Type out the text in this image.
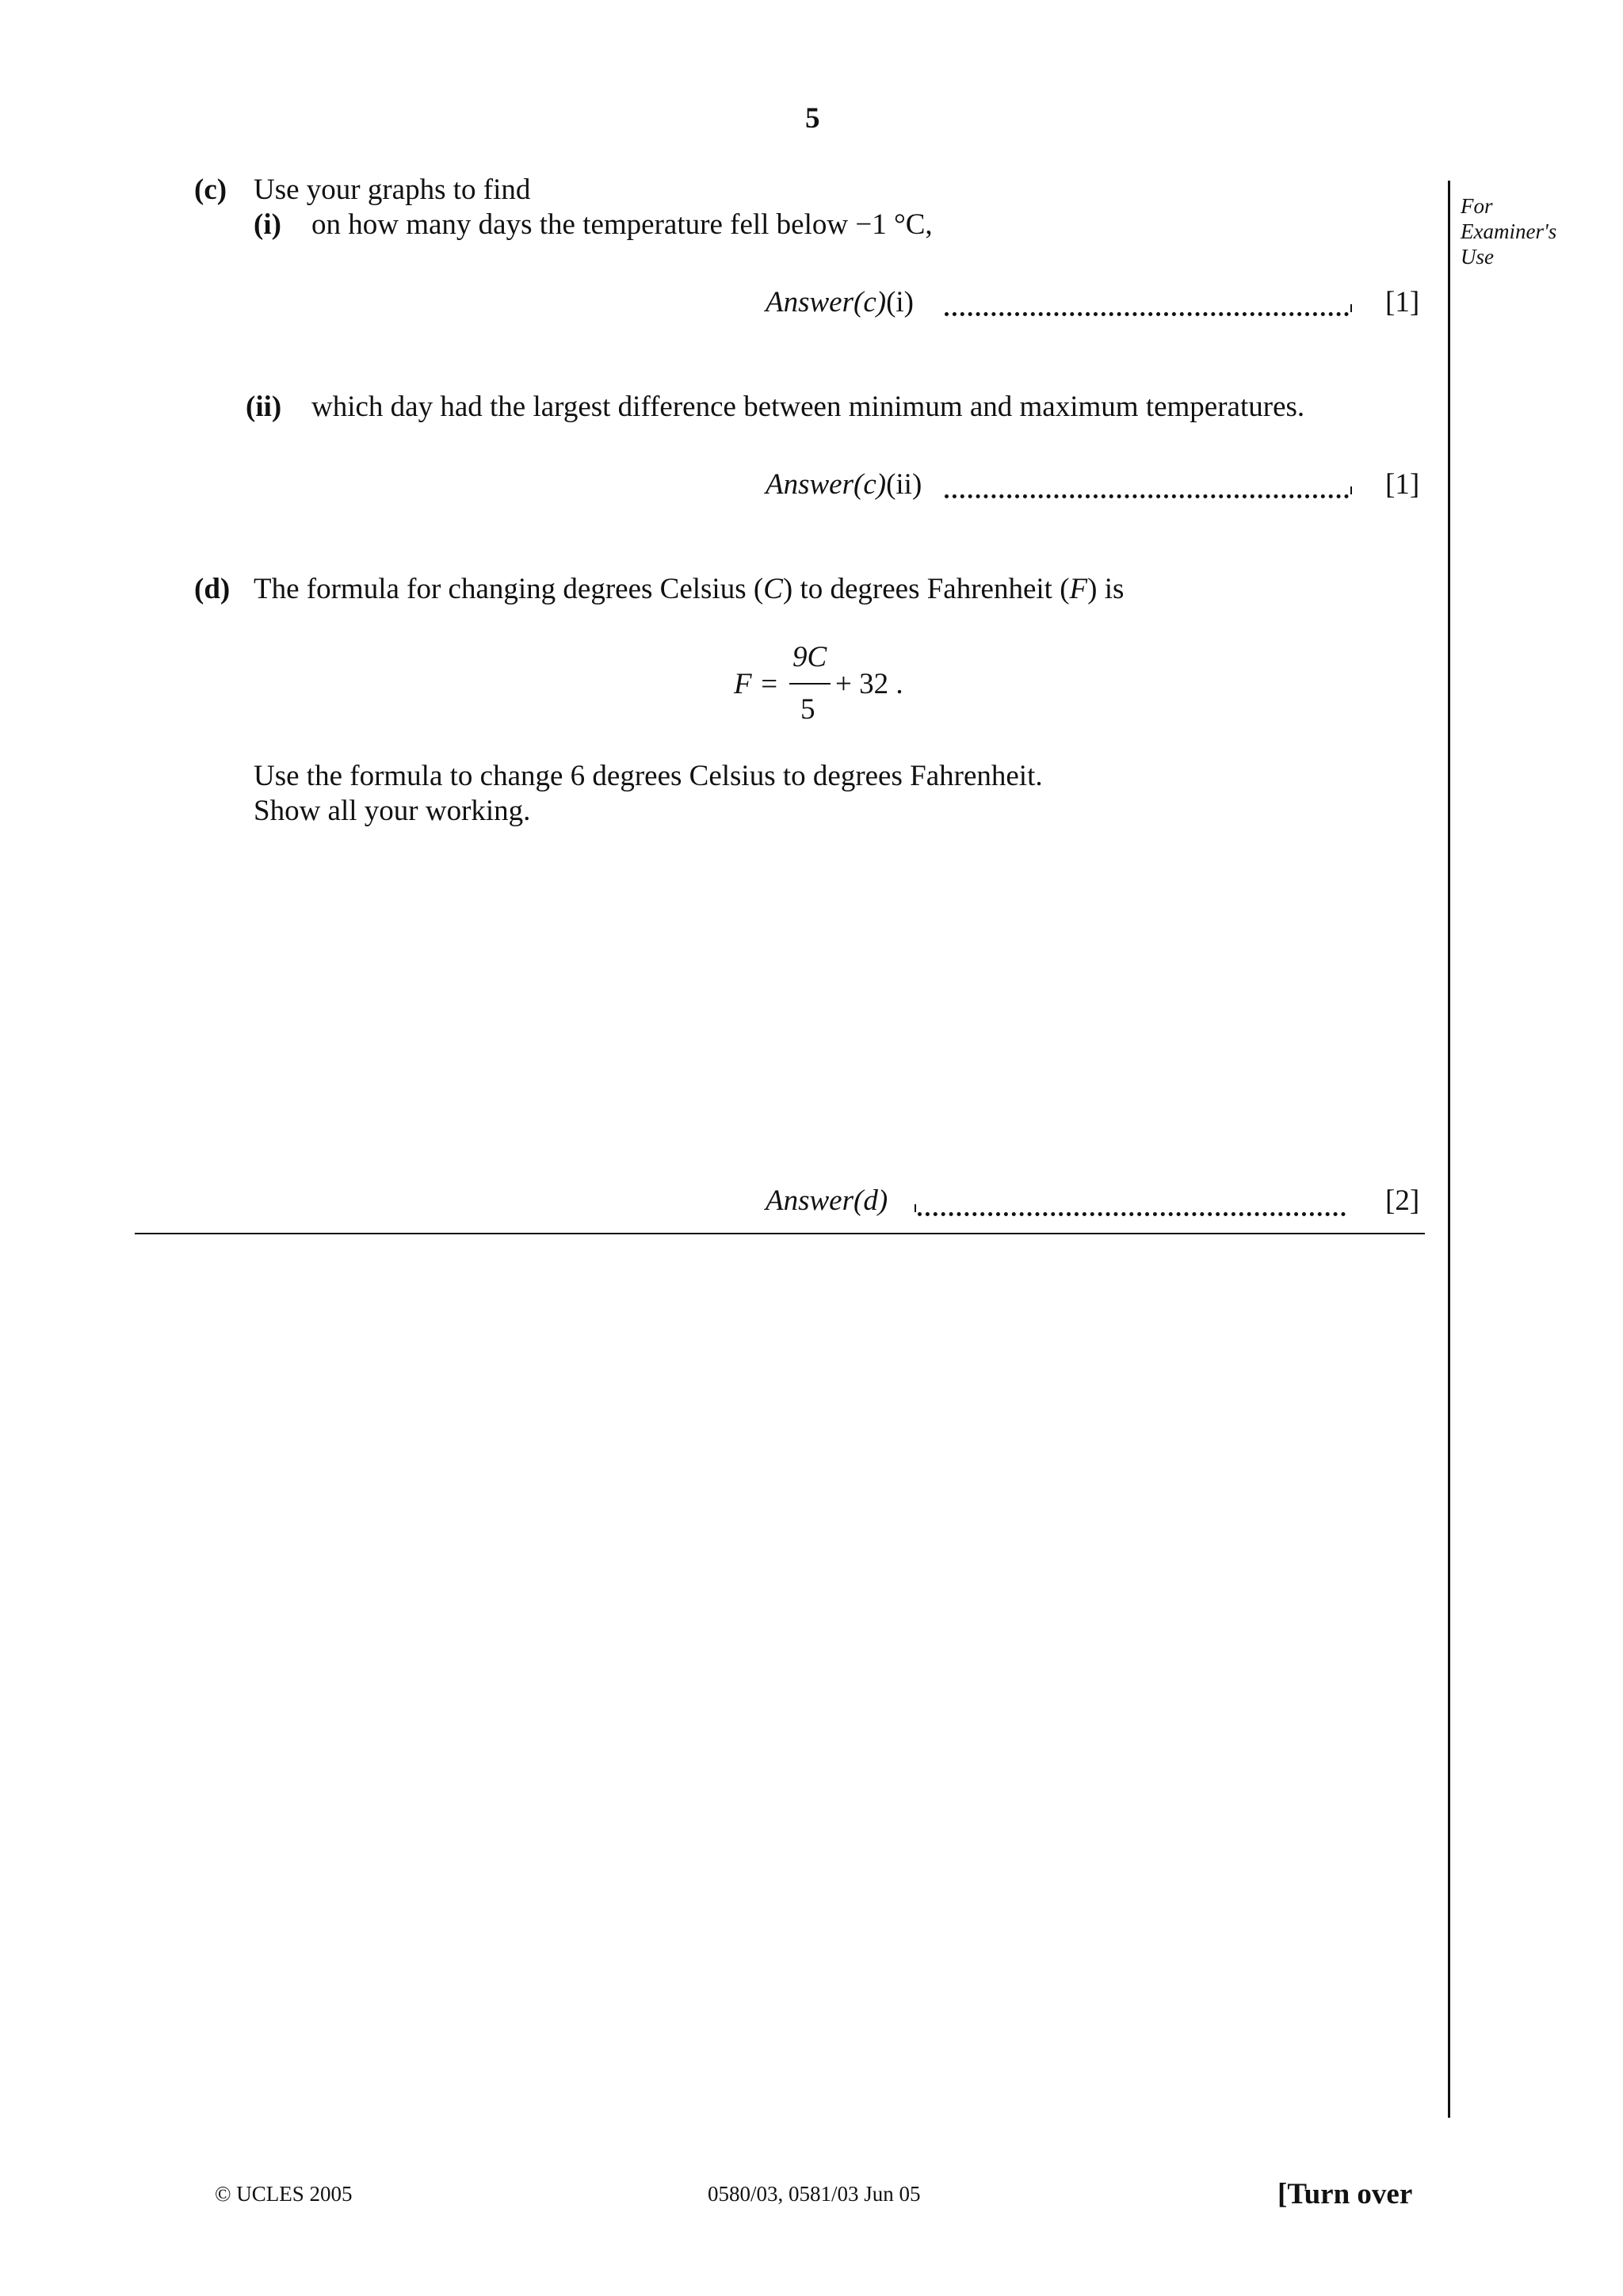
5
For
Examiner's
Use
(c) Use your graphs to find
(i) on how many days the temperature fell below −1 °C,
Answer(c)(i)	[1]
(ii) which day had the largest difference between minimum and maximum temperatures.
Answer(c)(ii)	[1]
(d) The formula for changing degrees Celsius (C) to degrees Fahrenheit (F) is
F =
9C
5
+ 32 .
Use the formula to change 6 degrees Celsius to degrees Fahrenheit.
Show all your working.
Answer(d)	[2]
© UCLES 2005	0580/03, 0581/03 Jun 05	[Turn over
